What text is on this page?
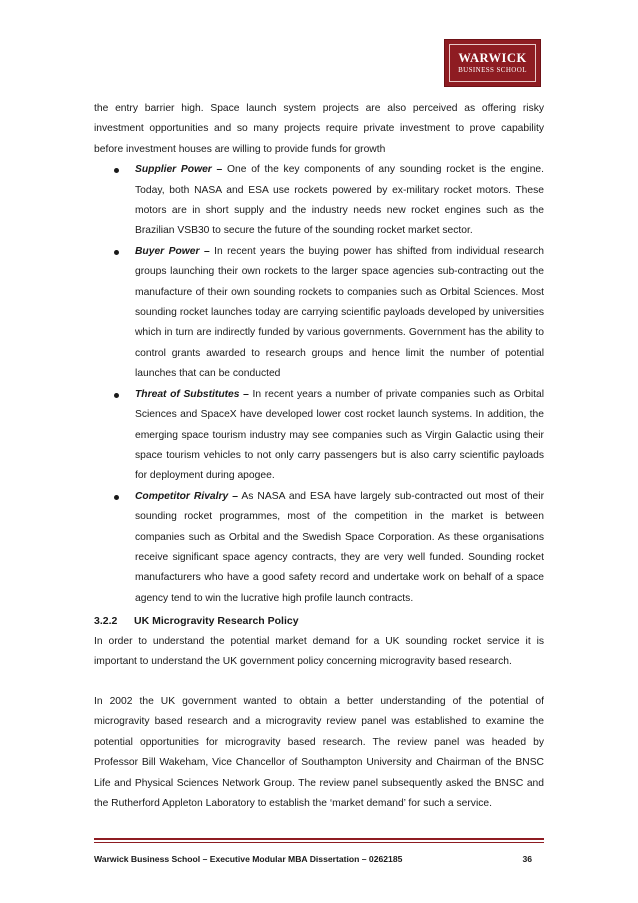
WARWICK
BUSINESS SCHOOL

the entry barrier high. Space launch system projects are also perceived as offering risky investment opportunities and so many projects require private investment to prove capability before investment houses are willing to provide funds for growth

Supplier Power – One of the key components of any sounding rocket is the engine. Today, both NASA and ESA use rockets powered by ex-military rocket motors. These motors are in short supply and the industry needs new rocket engines such as the Brazilian VSB30 to secure the future of the sounding rocket market sector.

Buyer Power – In recent years the buying power has shifted from individual research groups launching their own rockets to the larger space agencies sub-contracting out the manufacture of their own sounding rockets to companies such as Orbital Sciences. Most sounding rocket launches today are carrying scientific payloads developed by universities which in turn are indirectly funded by various governments. Government has the ability to control grants awarded to research groups and hence limit the number of potential launches that can be conducted

Threat of Substitutes – In recent years a number of private companies such as Orbital Sciences and SpaceX have developed lower cost rocket launch systems. In addition, the emerging space tourism industry may see companies such as Virgin Galactic using their space tourism vehicles to not only carry passengers but is also carry scientific payloads for deployment during apogee.

Competitor Rivalry – As NASA and ESA have largely sub-contracted out most of their sounding rocket programmes, most of the competition in the market is between companies such as Orbital and the Swedish Space Corporation. As these organisations receive significant space agency contracts, they are very well funded. Sounding rocket manufacturers who have a good safety record and undertake work on behalf of a space agency tend to win the lucrative high profile launch contracts.

3.2.2 UK Microgravity Research Policy

In order to understand the potential market demand for a UK sounding rocket service it is important to understand the UK government policy concerning microgravity based research.

In 2002 the UK government wanted to obtain a better understanding of the potential of microgravity based research and a microgravity review panel was established to examine the potential opportunities for microgravity based research. The review panel was headed by Professor Bill Wakeham, Vice Chancellor of Southampton University and Chairman of the BNSC Life and Physical Sciences Network Group. The review panel subsequently asked the BNSC and the Rutherford Appleton Laboratory to establish the ‘market demand’ for such a service.

Warwick Business School – Executive Modular MBA Dissertation – 0262185	36
